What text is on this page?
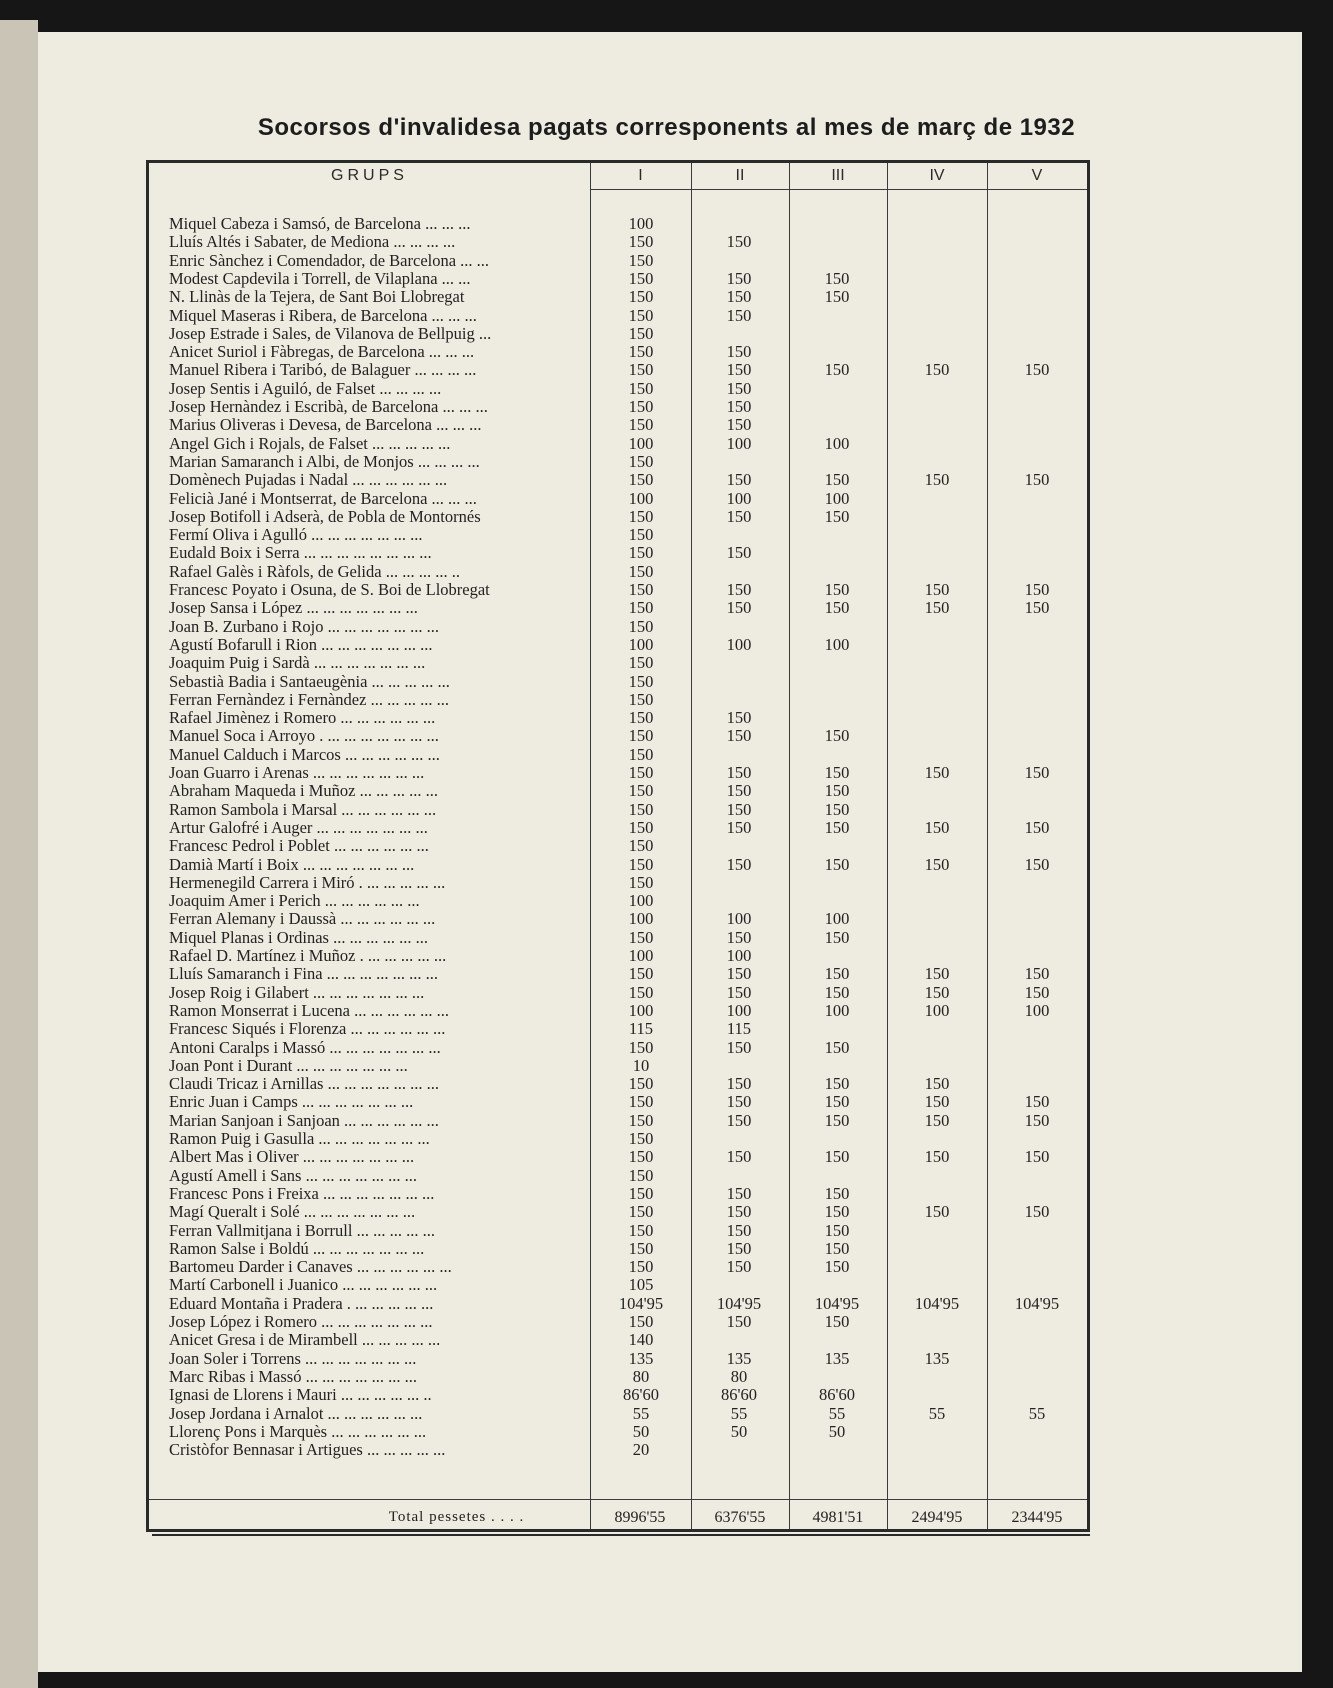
Socorsos d'invalidesa pagats corresponents al mes de març de 1932
GRUPS	I	II	III	IV	V
Total pessetes . . . .	8996'55	6376'55	4981'51	2494'95	2344'95
Miquel Cabeza i Samsó, de Barcelona ... ... ...	100
Lluís Altés i Sabater, de Mediona ... ... ... ...	150	150
Enric Sànchez i Comendador, de Barcelona ... ...	150
Modest Capdevila i Torrell, de Vilaplana ... ...	150	150	150
N. Llinàs de la Tejera, de Sant Boi Llobregat	150	150	150
Miquel Maseras i Ribera, de Barcelona ... ... ...	150	150
Josep Estrade i Sales, de Vilanova de Bellpuig ...	150
Anicet Suriol i Fàbregas, de Barcelona ... ... ...	150	150
Manuel Ribera i Taribó, de Balaguer ... ... ... ...	150	150	150	150	150
Josep Sentis i Aguiló, de Falset ... ... ... ...	150	150
Josep Hernàndez i Escribà, de Barcelona ... ... ...	150	150
Marius Oliveras i Devesa, de Barcelona ... ... ...	150	150
Angel Gich i Rojals, de Falset ... ... ... ... ...	100	100	100
Marian Samaranch i Albi, de Monjos ... ... ... ...	150
Domènech Pujadas i Nadal ... ... ... ... ... ...	150	150	150	150	150
Felicià Jané i Montserrat, de Barcelona ... ... ...	100	100	100
Josep Botifoll i Adserà, de Pobla de Montornés	150	150	150
Fermí Oliva i Agulló ... ... ... ... ... ... ...	150
Eudald Boix i Serra ... ... ... ... ... ... ... ...	150	150
Rafael Galès i Ràfols, de Gelida ... ... ... ... ..	150
Francesc Poyato i Osuna, de S. Boi de Llobregat	150	150	150	150	150
Josep Sansa i López ... ... ... ... ... ... ...	150	150	150	150	150
Joan B. Zurbano i Rojo ... ... ... ... ... ... ...	150
Agustí Bofarull i Rion ... ... ... ... ... ... ...	100	100	100
Joaquim Puig i Sardà ... ... ... ... ... ... ...	150
Sebastià Badia i Santaeugènia ... ... ... ... ...	150
Ferran Fernàndez i Fernàndez ... ... ... ... ...	150
Rafael Jimènez i Romero ... ... ... ... ... ...	150	150
Manuel Soca i Arroyo . ... ... ... ... ... ... ...	150	150	150
Manuel Calduch i Marcos ... ... ... ... ... ...	150
Joan Guarro i Arenas ... ... ... ... ... ... ...	150	150	150	150	150
Abraham Maqueda i Muñoz ... ... ... ... ...	150	150	150
Ramon Sambola i Marsal ... ... ... ... ... ...	150	150	150
Artur Galofré i Auger ... ... ... ... ... ... ...	150	150	150	150	150
Francesc Pedrol i Poblet ... ... ... ... ... ...	150
Damià Martí i Boix ... ... ... ... ... ... ...	150	150	150	150	150
Hermenegild Carrera i Miró . ... ... ... ... ...	150
Joaquim Amer i Perich ... ... ... ... ... ...	100
Ferran Alemany i Daussà ... ... ... ... ... ...	100	100	100
Miquel Planas i Ordinas ... ... ... ... ... ...	150	150	150
Rafael D. Martínez i Muñoz . ... ... ... ... ...	100	100
Lluís Samaranch i Fina ... ... ... ... ... ... ...	150	150	150	150	150
Josep Roig i Gilabert ... ... ... ... ... ... ...	150	150	150	150	150
Ramon Monserrat i Lucena ... ... ... ... ... ...	100	100	100	100	100
Francesc Siqués i Florenza ... ... ... ... ... ...	115	115
Antoni Caralps i Massó ... ... ... ... ... ... ...	150	150	150
Joan Pont i Durant ... ... ... ... ... ... ...	10
Claudi Tricaz i Arnillas ... ... ... ... ... ... ...	150	150	150	150
Enric Juan i Camps ... ... ... ... ... ... ...	150	150	150	150	150
Marian Sanjoan i Sanjoan ... ... ... ... ... ...	150	150	150	150	150
Ramon Puig i Gasulla ... ... ... ... ... ... ...	150
Albert Mas i Oliver ... ... ... ... ... ... ...	150	150	150	150	150
Agustí Amell i Sans ... ... ... ... ... ... ...	150
Francesc Pons i Freixa ... ... ... ... ... ... ...	150	150	150
Magí Queralt i Solé ... ... ... ... ... ... ...	150	150	150	150	150
Ferran Vallmitjana i Borrull ... ... ... ... ...	150	150	150
Ramon Salse i Boldú ... ... ... ... ... ... ...	150	150	150
Bartomeu Darder i Canaves ... ... ... ... ... ...	150	150	150
Martí Carbonell i Juanico ... ... ... ... ... ...	105
Eduard Montaña i Pradera . ... ... ... ... ...	104'95	104'95	104'95	104'95	104'95
Josep López i Romero ... ... ... ... ... ... ...	150	150	150
Anicet Gresa i de Mirambell ... ... ... ... ...	140
Joan Soler i Torrens ... ... ... ... ... ... ...	135	135	135	135
Marc Ribas i Massó ... ... ... ... ... ... ...	80	80
Ignasi de Llorens i Mauri ... ... ... ... ... ..	86'60	86'60	86'60
Josep Jordana i Arnalot ... ... ... ... ... ...	55	55	55	55	55
Llorenç Pons i Marquès ... ... ... ... ... ...	50	50	50
Cristòfor Bennasar i Artigues ... ... ... ... ...	20
